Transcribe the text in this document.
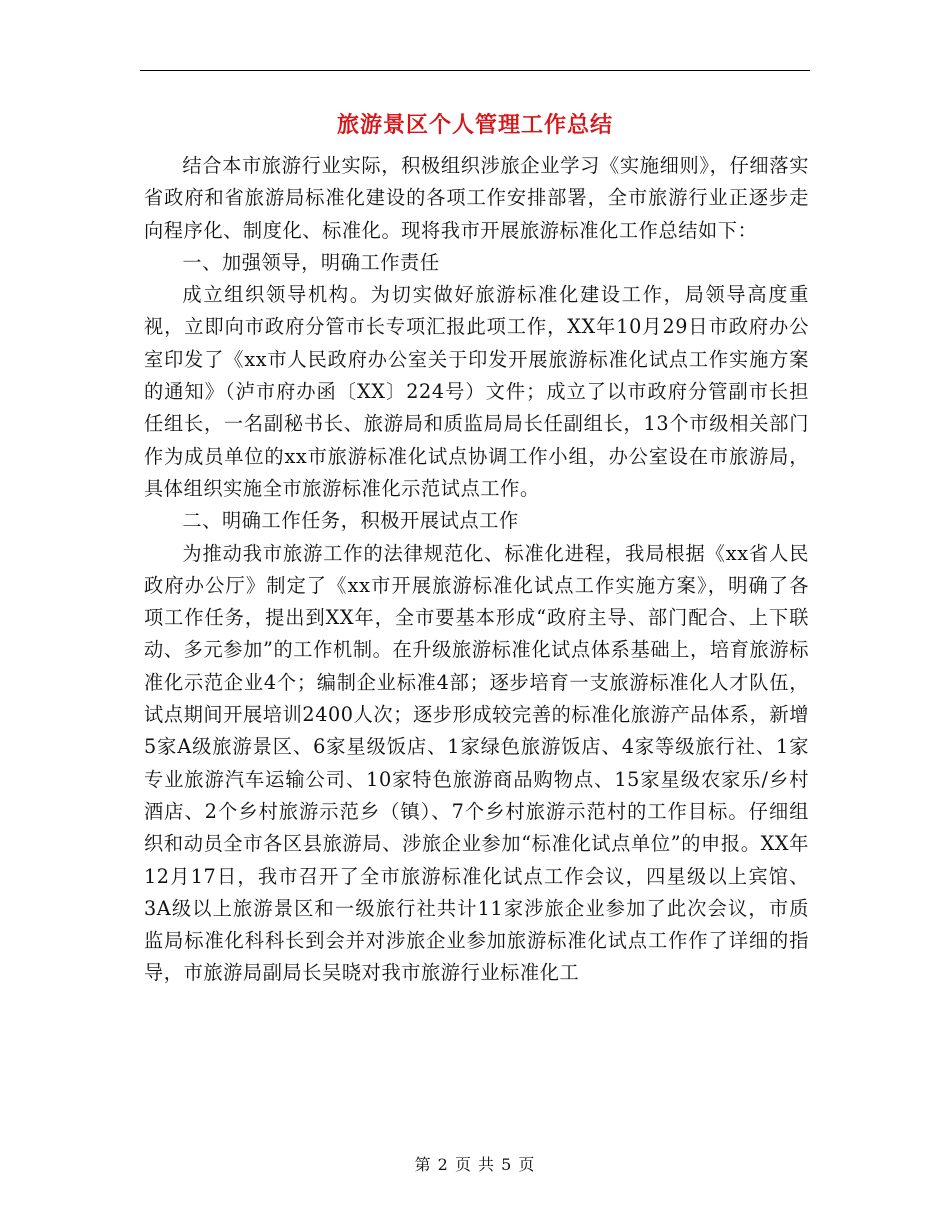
旅游景区个人管理工作总结

结合本市旅游行业实际，积极组织涉旅企业学习《实施细则》，仔细落实省政府和省旅游局标准化建设的各项工作安排部署，全市旅游行业正逐步走向程序化、制度化、标准化。现将我市开展旅游标准化工作总结如下：

一、加强领导，明确工作责任

成立组织领导机构。为切实做好旅游标准化建设工作，局领导高度重视，立即向市政府分管市长专项汇报此项工作，XX年10月29日市政府办公室印发了《xx市人民政府办公室关于印发开展旅游标准化试点工作实施方案的通知》（泸市府办函〔XX〕224号）文件；成立了以市政府分管副市长担任组长，一名副秘书长、旅游局和质监局局长任副组长，13个市级相关部门作为成员单位的xx市旅游标准化试点协调工作小组，办公室设在市旅游局，具体组织实施全市旅游标准化示范试点工作。

二、明确工作任务，积极开展试点工作

为推动我市旅游工作的法律规范化、标准化进程，我局根据《xx省人民政府办公厅》制定了《xx市开展旅游标准化试点工作实施方案》，明确了各项工作任务，提出到XX年，全市要基本形成“政府主导、部门配合、上下联动、多元参加”的工作机制。在升级旅游标准化试点体系基础上，培育旅游标准化示范企业4个；编制企业标准4部；逐步培育一支旅游标准化人才队伍，试点期间开展培训2400人次；逐步形成较完善的标准化旅游产品体系，新增5家A级旅游景区、6家星级饭店、1家绿色旅游饭店、4家等级旅行社、1家专业旅游汽车运输公司、10家特色旅游商品购物点、15家星级农家乐/乡村酒店、2个乡村旅游示范乡（镇）、7个乡村旅游示范村的工作目标。仔细组织和动员全市各区县旅游局、涉旅企业参加“标准化试点单位”的申报。XX年12月17日，我市召开了全市旅游标准化试点工作会议，四星级以上宾馆、3A级以上旅游景区和一级旅行社共计11家涉旅企业参加了此次会议，市质监局标准化科科长到会并对涉旅企业参加旅游标准化试点工作作了详细的指导，市旅游局副局长吴晓对我市旅游行业标准化工

第 2 页 共 5 页
